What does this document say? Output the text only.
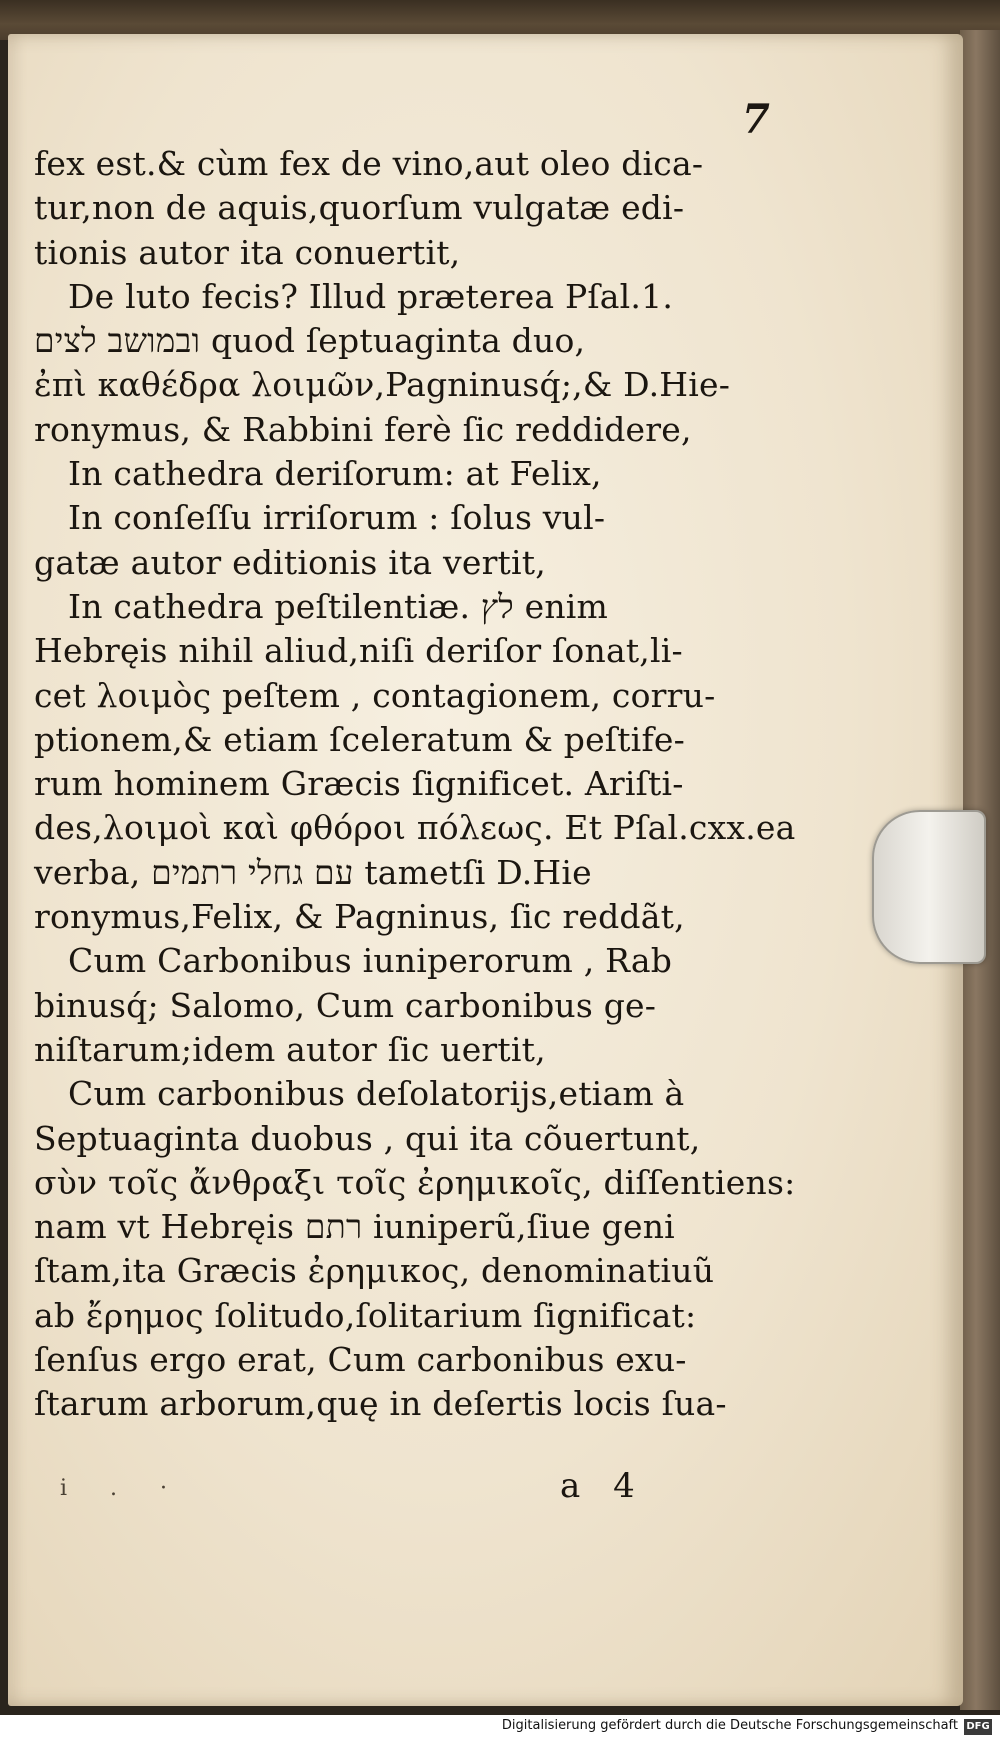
7
fex est.& cùm fex de vino,aut oleo dica-
tur,non de aquis,quorſum vulgatæ edi-
tionis autor ita conuertit,
De luto fecis? Illud præterea Pſal.1.
ובמושב לצים quod ſeptuaginta duo,
ἐπὶ καθέδρα λοιμῶν,Pagninusq́;,& D.Hie-
ronymus, & Rabbini ferè ſic reddidere,
In cathedra deriſorum: at Felix,
In conſeſſu irriſorum : ſolus vul-
gatæ autor editionis ita vertit,
In cathedra peſtilentiæ. לץ enim
Hebręis nihil aliud,niſi deriſor ſonat,li-
cet λοιμὸς peſtem , contagionem, corru-
ptionem,& etiam ſceleratum & peſtife-
rum hominem Græcis ſignificet. Ariſti-
des,λοιμοὶ καὶ φθόροι πόλεως. Et Pſal.cxx.ea
verba, עם גחלי רתמים tametſi D.Hie
ronymus,Felix, & Pagninus, ſic reddãt,
Cum Carbonibus iuniperorum , Rab
binusq́; Salomo, Cum carbonibus ge-
niſtarum;idem autor ſic uertit,
Cum carbonibus deſolatorijs,etiam à
Septuaginta duobus , qui ita cõuertunt,
σὺν τοῖς ἄνθραξι τοῖς ἐρημικοῖς, diſſentiens:
nam vt Hebręis רתם iuniperũ,ſiue geni
ſtam,ita Græcis ἐρημικος, denominatiuũ
ab ἔρημος ſolitudo,ſolitarium ſignificat:
ſenſus ergo erat, Cum carbonibus exu-
ſtarum arborum,quę in deſertis locis ſua-
i . ·	a 4
Digitalisierung gefördert durch die Deutsche Forschungsgemeinschaft DFG
